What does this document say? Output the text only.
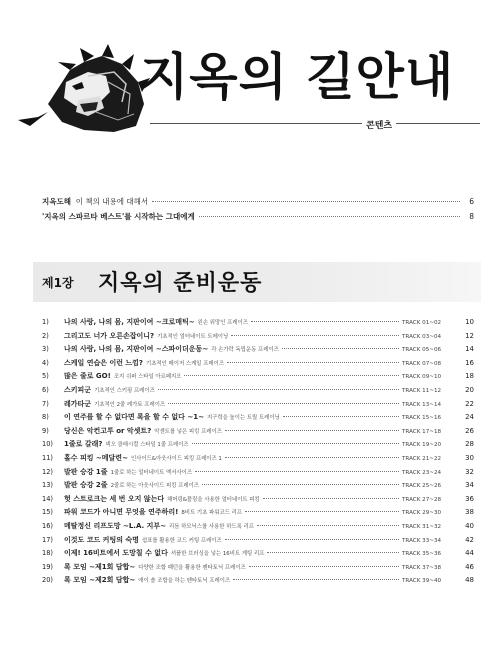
지옥의 길안내
콘텐츠
지옥도해 이 책의 내용에 대해서	6
'지옥의 스파르타 베스트'를 시작하는 그대에게	8
제1장 지옥의 준비운동
1)	나의 사랑, 나의 몸, 지판이여 ~크로매틱~ 왼손 위망인 프레이즈	TRACK 01~02	10
2)	그리고도 너가 오른손잡이니? 기초적인 얼터네이트 트레이닝	TRACK 03~04	12
3)	나의 사랑, 나의 몸, 지판이여 ~스파이더운동~ 각 손가락 독립운동 프레이즈	TRACK 05~06	14
4)	스케일 연습은 이런 느낌? 기초적인 메이저 스케일 프레이즈	TRACK 07~08	16
5)	많은 줄로 GO! 조지 쉬퍼 스타일 아르페지오	TRACK 09~10	18
6)	스키피군 기초적인 스키핑 프레이즈	TRACK 11~12	20
7)	레가타군 기초적인 2줄 레가토 프레이즈	TRACK 13~14	22
8)	이 연주를 할 수 없다면 록을 할 수 없다 ~1~ 지구력을 높이는 트릴 트레이닝	TRACK 15~16	24
9)	당신은 악컨고투 or 악셋트? 악센트를 넣은 피킹 프레이즈	TRACK 17~18	26
10)	1줄로 갈래? 넥오 클래시컬 스타일 1줄 프레이즈	TRACK 19~20	28
11)	홀수 피킹 ~메달련~ 인사이드&아웃사이드 피킹 프레이즈 1	TRACK 21~22	30
12)	발판 승강 1줄 1줄로 하는 얼터네이트 엑서사이즈	TRACK 23~24	32
13)	발판 승강 2줄 2줄로 하는 아웃사이드 피킹 프레이즈	TRACK 25~26	34
14)	헛 스트로크는 세 번 오지 않는다 해머링&풀링을 사용한 얼터네이트 피킹	TRACK 27~28	36
15)	파워 코드가 아니면 무엇을 연주하리! 8비트 기초 파워코드 리프	TRACK 29~30	38
16)	메탈정신 리프도망 ~L.A. 지부~ 리듬 하모닉스를 사용한 하드록 리프	TRACK 31~32	40
17)	이것도 코드 커팅의 숙명 쉼표를 활용한 코드 커팅 프레이즈	TRACK 33~34	42
18)	이제! 16비트에서 도망칠 수 없다 셔플한 브러싱을 넣는 16비트 게팅 리프	TRACK 35~36	44
19)	록 모임 ~제1회 담합~ 다양한 조합 패턴을 활용한 펜타토닉 프레이즈	TRACK 37~38	46
20)	록 모임 ~제2회 담합~ 에이 솔 조합을 하는 펜타토닉 프레이즈	TRACK 39~40	48
